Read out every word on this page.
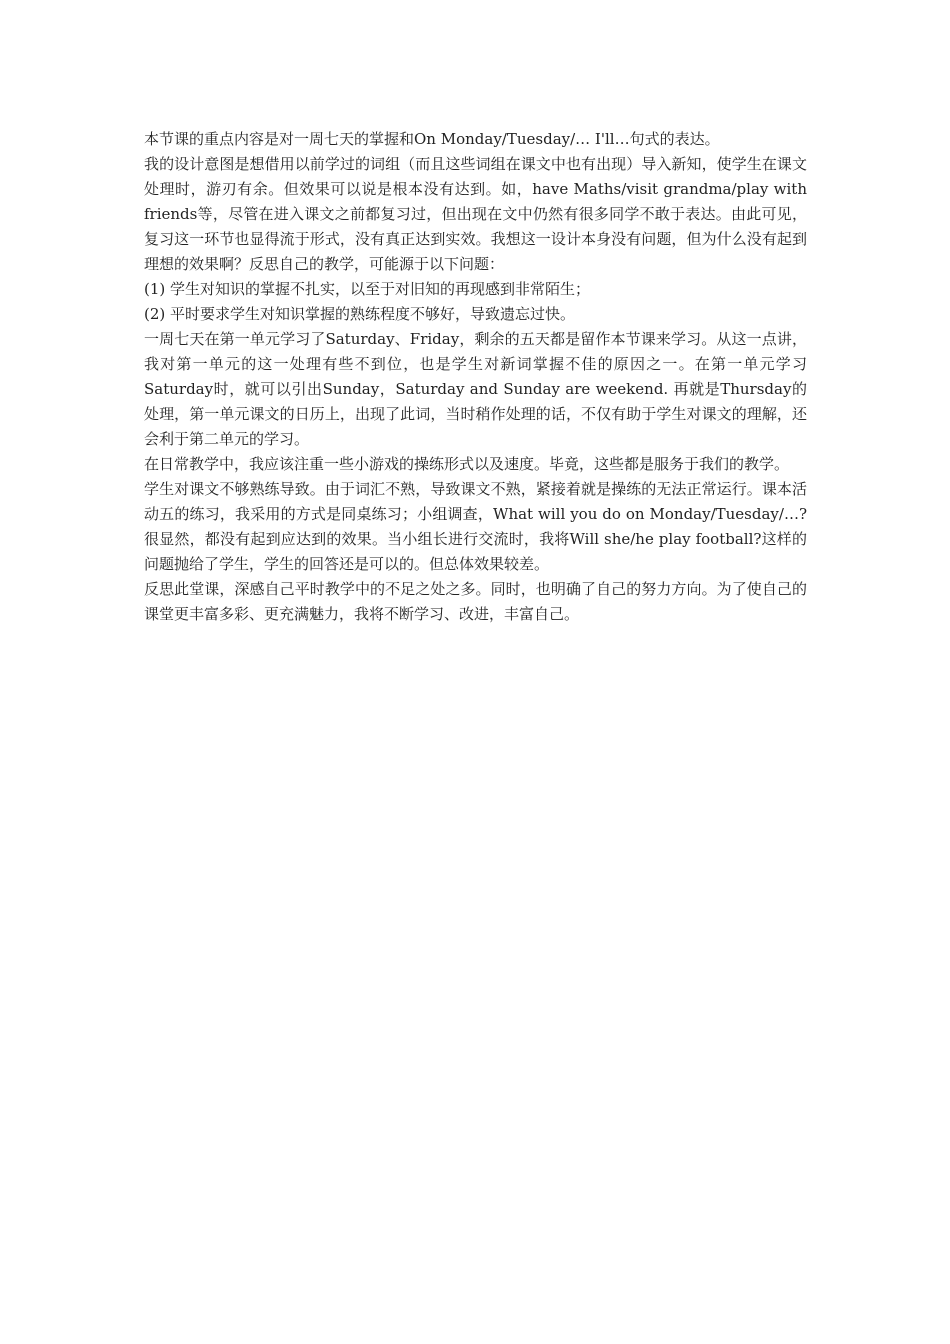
本节课的重点内容是对一周七天的掌握和On Monday/Tuesday/… I'll…句式的表达。

我的设计意图是想借用以前学过的词组（而且这些词组在课文中也有出现）导入新知，使学生在课文处理时，游刃有余。但效果可以说是根本没有达到。如，have Maths/visit grandma/play with friends等，尽管在进入课文之前都复习过，但出现在文中仍然有很多同学不敢于表达。由此可见，复习这一环节也显得流于形式，没有真正达到实效。我想这一设计本身没有问题，但为什么没有起到理想的效果啊？反思自己的教学，可能源于以下问题：

(1) 学生对知识的掌握不扎实，以至于对旧知的再现感到非常陌生；

(2) 平时要求学生对知识掌握的熟练程度不够好，导致遗忘过快。

一周七天在第一单元学习了Saturday、Friday，剩余的五天都是留作本节课来学习。从这一点讲，我对第一单元的这一处理有些不到位，也是学生对新词掌握不佳的原因之一。在第一单元学习Saturday时，就可以引出Sunday，Saturday and Sunday are weekend. 再就是Thursday的处理，第一单元课文的日历上，出现了此词，当时稍作处理的话，不仅有助于学生对课文的理解，还会利于第二单元的学习。

在日常教学中，我应该注重一些小游戏的操练形式以及速度。毕竟，这些都是服务于我们的教学。

学生对课文不够熟练导致。由于词汇不熟，导致课文不熟，紧接着就是操练的无法正常运行。课本活动五的练习，我采用的方式是同桌练习；小组调查，What will you do on Monday/Tuesday/…?很显然，都没有起到应达到的效果。当小组长进行交流时，我将Will she/he play football?这样的问题抛给了学生，学生的回答还是可以的。但总体效果较差。

反思此堂课，深感自己平时教学中的不足之处之多。同时，也明确了自己的努力方向。为了使自己的课堂更丰富多彩、更充满魅力，我将不断学习、改进，丰富自己。
